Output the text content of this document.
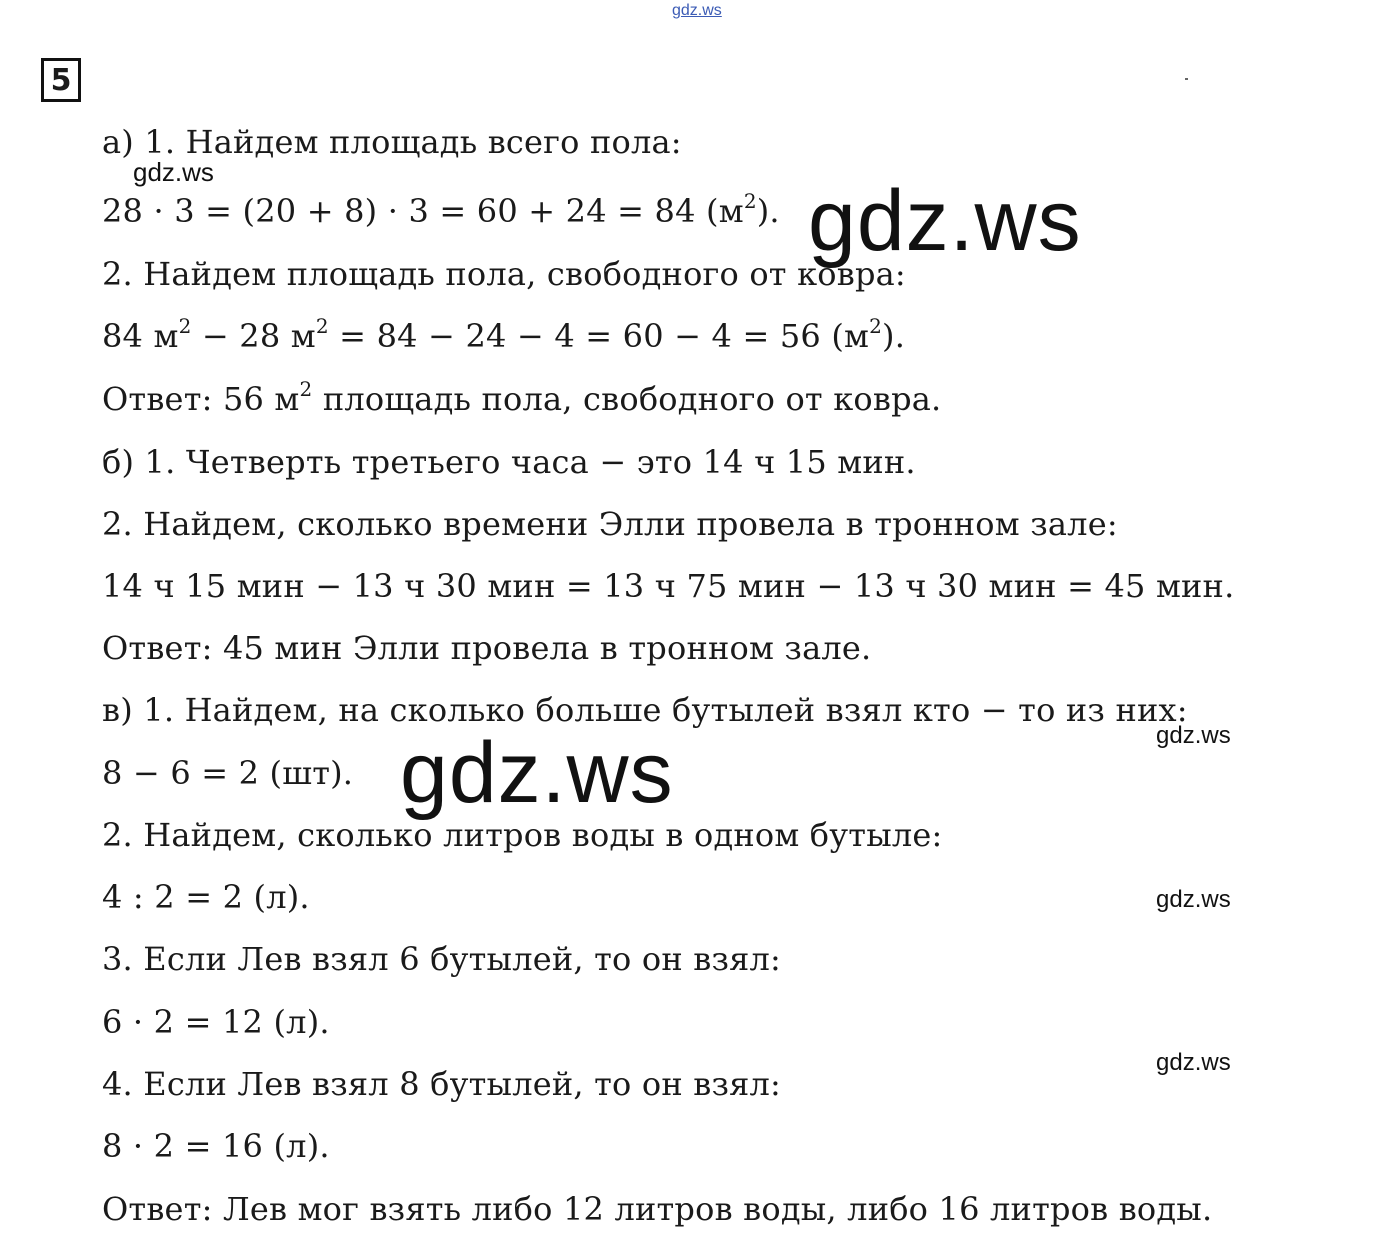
gdz.ws
5

а) 1. Найдем площадь всего пола:
28 · 3 = (20 + 8) · 3 = 60 + 24 = 84 $(м^2)$.
2. Найдем площадь пола, свободного от ковра:
84 $м^2 - 28$ $м^2 = 84 - 24 - 4 = 60 - 4 = 56$ $(м^2)$.
Ответ: 56 $м^2$ площадь пола, свободного от ковра.
б) 1. Четверть третьего часа − это 14 ч 15 мин.
2. Найдем, сколько времени Элли провела в тронном зале:
14 ч 15 мин − 13 ч 30 мин = 13 ч 75 мин − 13 ч 30 мин = 45 мин.
Ответ: 45 мин Элли провела в тронном зале.
в) 1. Найдем, на сколько больше бутылей взял кто − то из них:
8 − 6 = 2 (шт).
2. Найдем, сколько литров воды в одном бутыле:
4 : 2 = 2 (л).
3. Если Лев взял 6 бутылей, то он взял:
6 · 2 = 12 (л).
4. Если Лев взял 8 бутылей, то он взял:
8 · 2 = 16 (л).
Ответ: Лев мог взять либо 12 литров воды, либо 16 литров воды.
gdz.ws
gdz.ws
gdz.ws
gdz.ws
gdz.ws
gdz.ws
